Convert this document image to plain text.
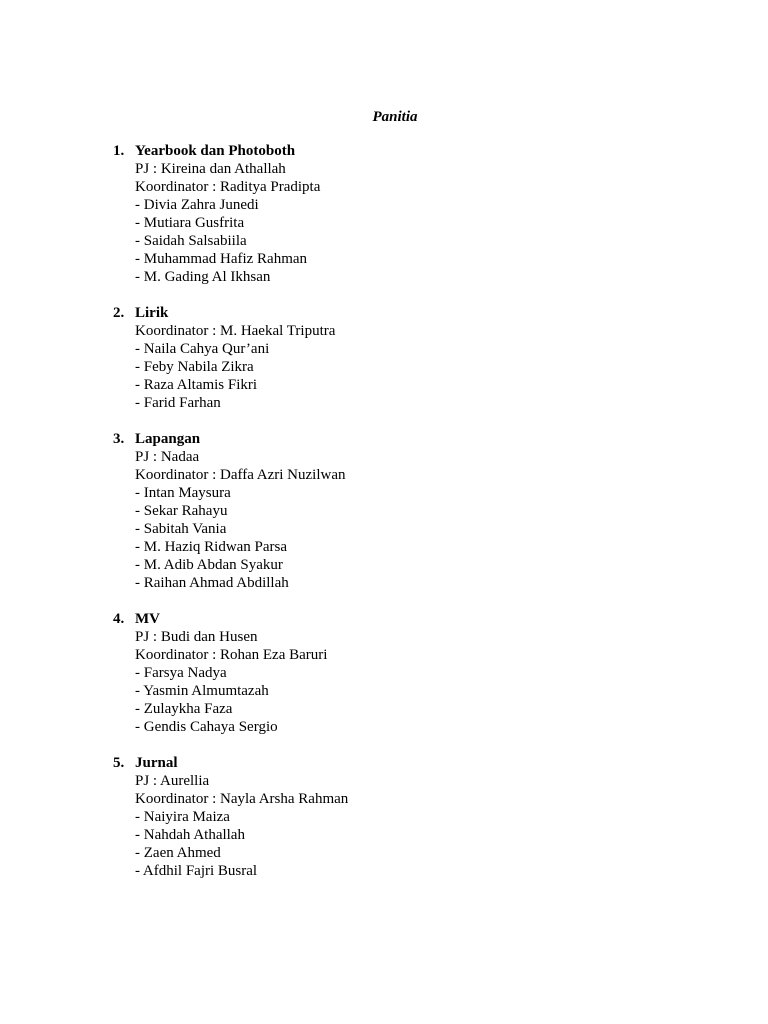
Panitia
1. Yearbook dan Photoboth
PJ : Kireina dan Athallah
Koordinator : Raditya Pradipta
- Divia Zahra Junedi
- Mutiara Gusfrita
- Saidah Salsabiila
- Muhammad Hafiz Rahman
- M. Gading Al Ikhsan
2. Lirik
Koordinator : M. Haekal Triputra
- Naila Cahya Qur’ani
- Feby Nabila Zikra
- Raza Altamis Fikri
- Farid Farhan
3. Lapangan
PJ : Nadaa
Koordinator : Daffa Azri Nuzilwan
- Intan Maysura
- Sekar Rahayu
- Sabitah Vania
- M. Haziq Ridwan Parsa
- M. Adib Abdan Syakur
- Raihan Ahmad Abdillah
4. MV
PJ : Budi dan Husen
Koordinator : Rohan Eza Baruri
- Farsya Nadya
- Yasmin Almumtazah
- Zulaykha Faza
- Gendis Cahaya Sergio
5. Jurnal
PJ : Aurellia
Koordinator : Nayla Arsha Rahman
- Naiyira Maiza
- Nahdah Athallah
- Zaen Ahmed
- Afdhil Fajri Busral
